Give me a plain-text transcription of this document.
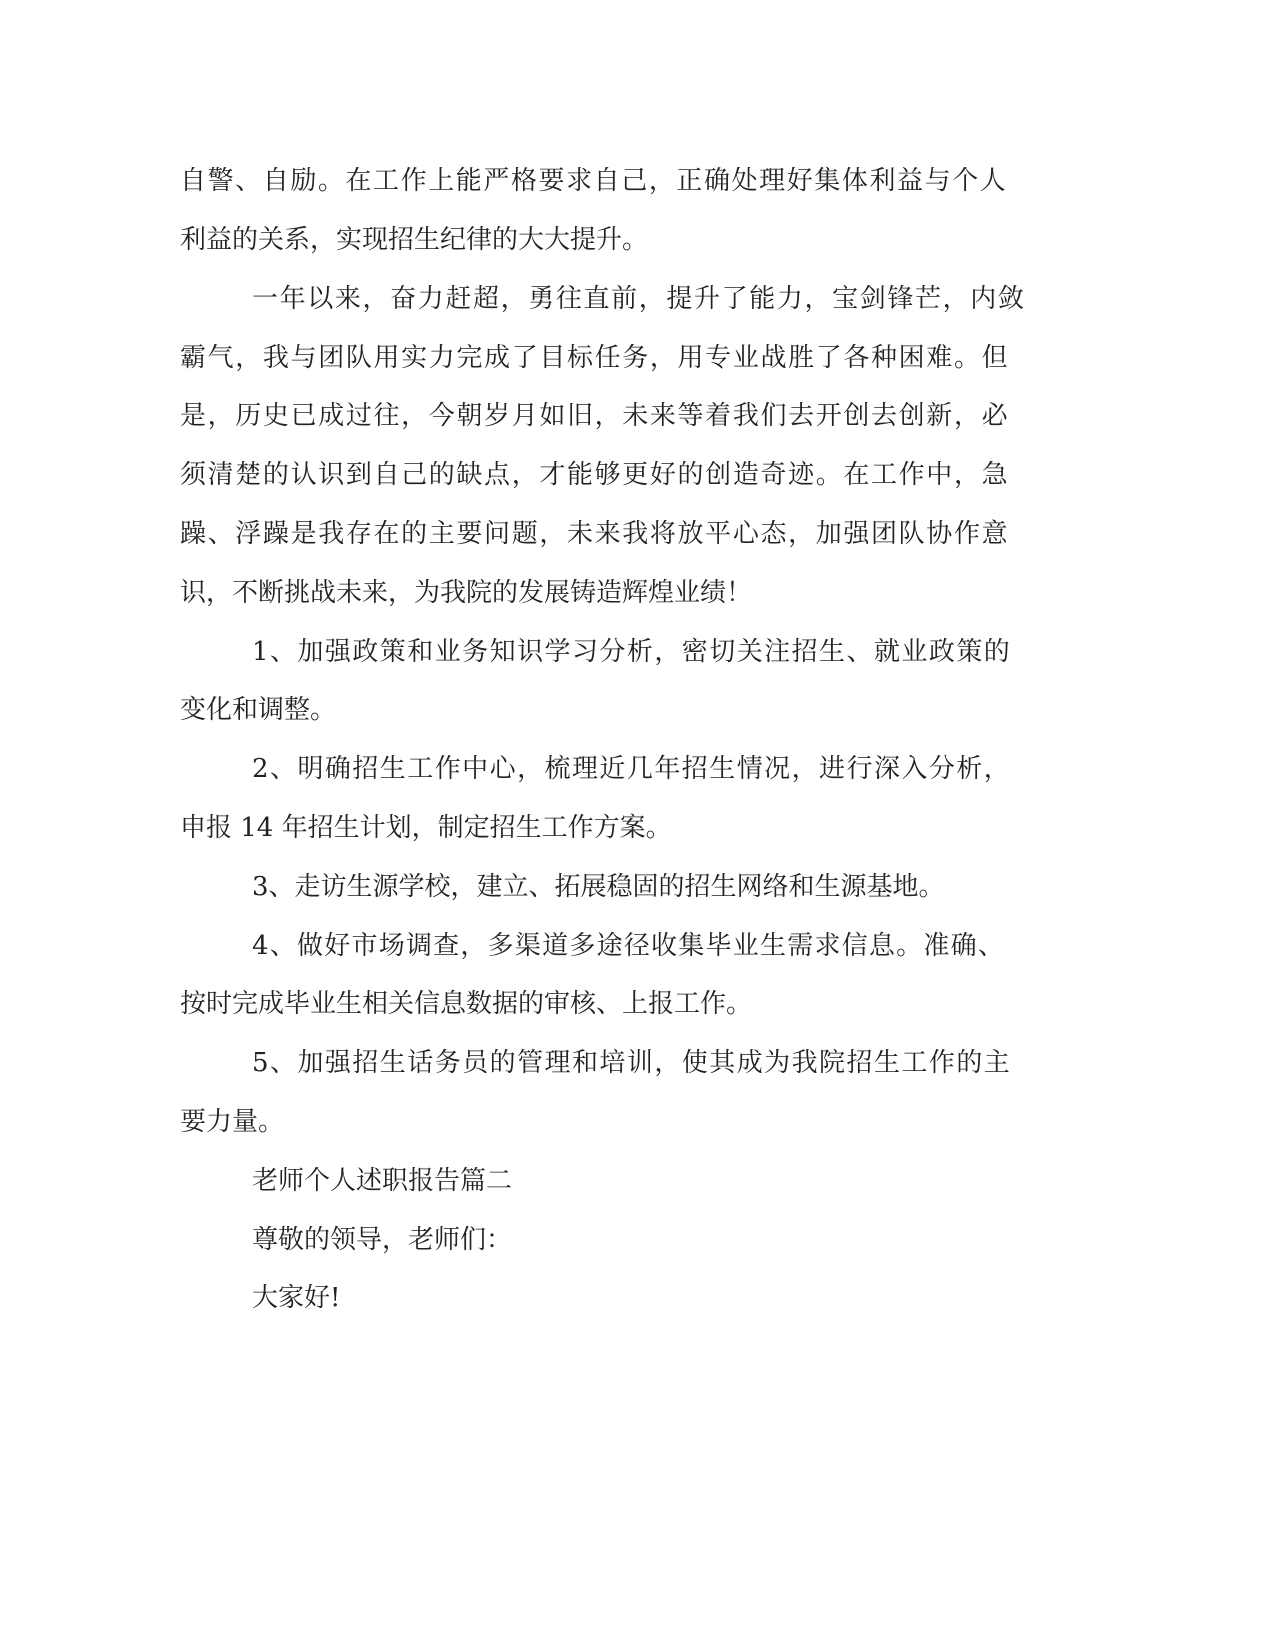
自 警 、 自 励 。 在 工 作 上 能 严 格 要 求 自 己 ， 正 确 处 理 好 集 体 利 益 与 个 人
利益的关系，实现招生纪律的大大提升。
一 年 以 来 ， 奋 力 赶 超 ， 勇 往 直 前 ， 提 升 了 能 力 ， 宝 剑 锋 芒 ， 内 敛
霸 气 ， 我 与 团 队 用 实 力 完 成 了 目 标 任 务 ， 用 专 业 战 胜 了 各 种 困 难 。 但
是 ， 历 史 已 成 过 往 ， 今 朝 岁 月 如 旧 ， 未 来 等 着 我 们 去 开 创 去 创 新 ， 必
须 清 楚 的 认 识 到 自 己 的 缺 点 ， 才 能 够 更 好 的 创 造 奇 迹 。 在 工 作 中 ， 急
躁 、 浮 躁 是 我 存 在 的 主 要 问 题 ， 未 来 我 将 放 平 心 态 ， 加 强 团 队 协 作 意
识，不断挑战未来，为我院的发展铸造辉煌业绩！
1 、 加 强 政 策 和 业 务 知 识 学 习 分 析 ， 密 切 关 注 招 生 、 就 业 政 策 的
变化和调整。
2 、 明 确 招 生 工 作 中 心 ， 梳 理 近 几 年 招 生 情 况 ， 进 行 深 入 分 析 ，
申报 14 年招生计划，制定招生工作方案。
3、走访生源学校，建立、拓展稳固的招生网络和生源基地。
4 、 做 好 市 场 调 查 ， 多 渠 道 多 途 径 收 集 毕 业 生 需 求 信 息 。 准 确 、
按时完成毕业生相关信息数据的审核、上报工作。
5 、 加 强 招 生 话 务 员 的 管 理 和 培 训 ， 使 其 成 为 我 院 招 生 工 作 的 主
要力量。
老师个人述职报告篇二
尊敬的领导，老师们：
大家好!
